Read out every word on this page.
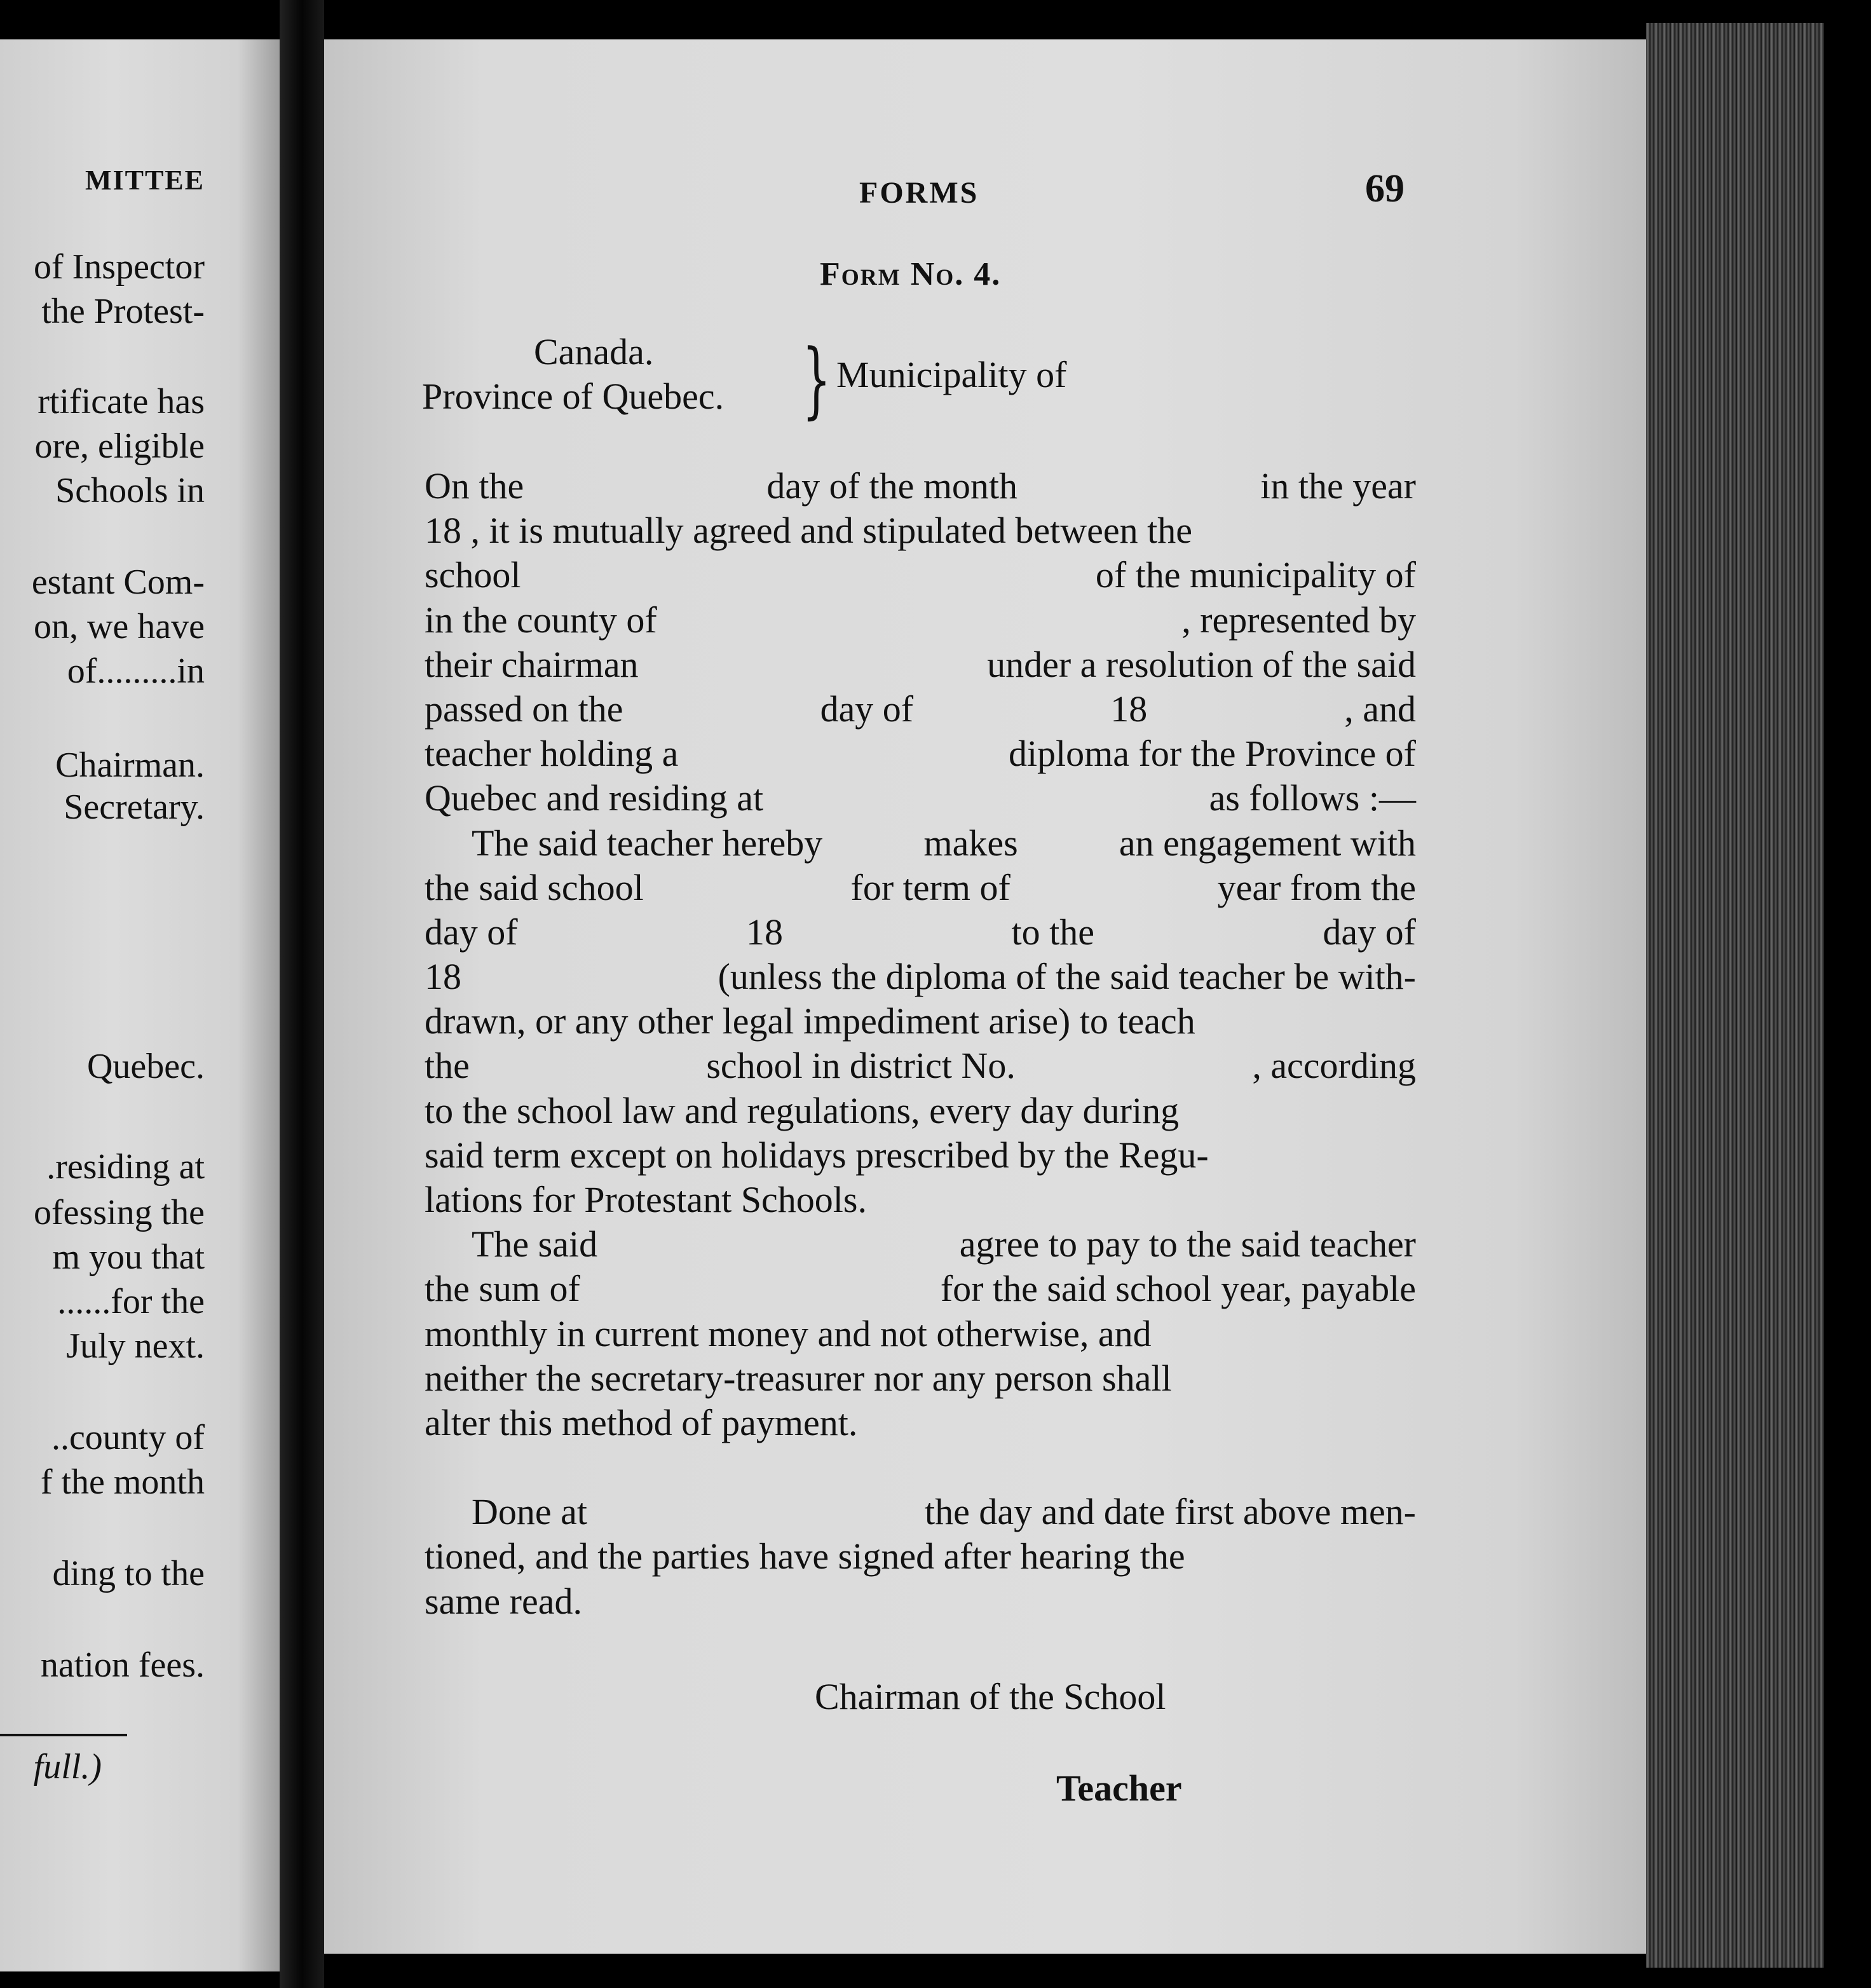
MITTEE
of Inspector
the Protest-
rtificate has
ore, eligible
Schools in
estant Com-
on, we have
of.........in
Chairman.
Secretary.
Quebec.
.residing at
ofessing the
m you that
......for the
July next.
..county of
f the month
ding to the
nation fees.
full.)
FORMS	69
Form No. 4.
Canada.
Province of Quebec. } Municipality of
On the	day of the month	in the year
18 , it is mutually agreed and stipulated between the
school	of the municipality of
in the county of	, represented by
their chairman	under a resolution of the said
passed on the	day of	18	, and
teacher holding a	diploma for the Province of
Quebec and residing at	as follows :—
The said teacher hereby	makes	an engagement with
the said school	for term of	year from the
day of	18	to the	day of
18	(unless the diploma of the said teacher be with-
drawn, or any other legal impediment arise) to teach
the	school in district No.	, according
to the school law and regulations, every day during
said term except on holidays prescribed by the Regu-
lations for Protestant Schools.
The said	agree to pay to the said teacher
the sum of	for the said school year, payable
monthly in current money and not otherwise, and
neither the secretary-treasurer nor any person shall
alter this method of payment.
Done at	the day and date first above men-
tioned, and the parties have signed after hearing the
same read.
Chairman of the School
Teacher
